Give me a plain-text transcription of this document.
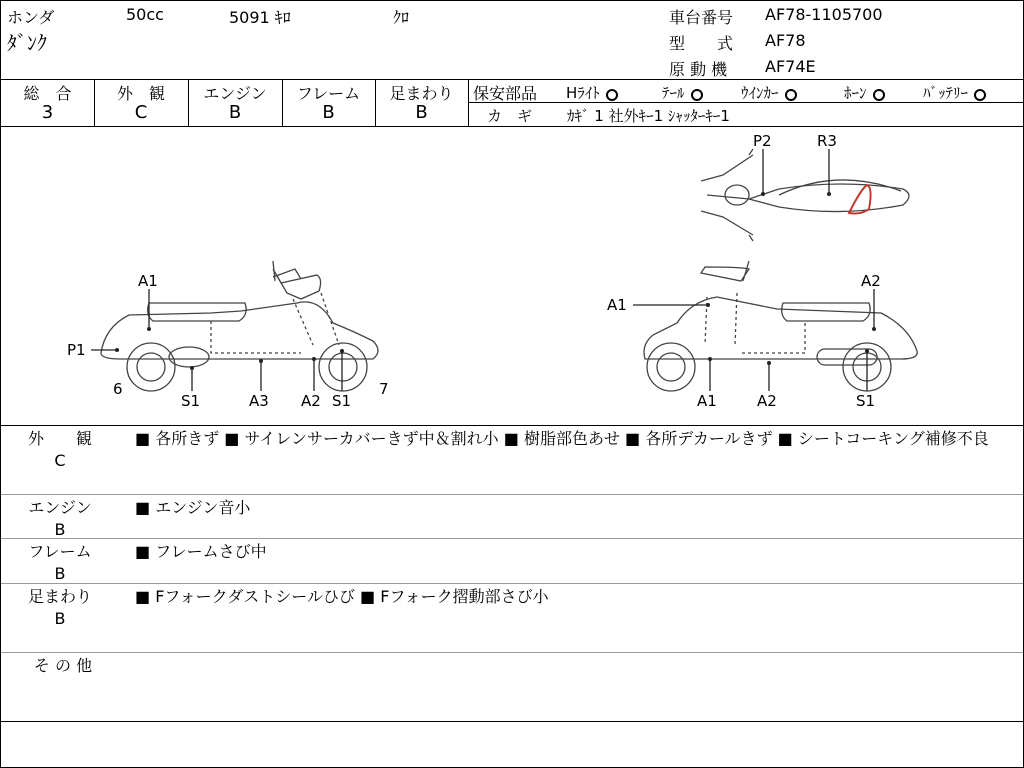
ホンダ	50cc	5091 ｷﾛ	ｸﾛ
ﾀﾞﾝｸ
車台番号 AF78-1105700
型　　式 AF78
原 動 機 AF74E
総　合
3
外　観
C
エンジン
B
フレーム
B
足まわり
B
保安部品 Hﾗｲﾄ	ﾃｰﾙ	ｳｲﾝｶｰ	ﾎｰﾝ	ﾊﾞｯﾃﾘｰ
カ　ギ ｶｷﾞ 1 社外ｷｰ1 ｼｬｯﾀｰｷｰ1
A1
P1
6
S1	A3 A2 S1
7
A1
A2
A1	A2	S1
P2	R3
外　　観
C
■ 各所きず ■ サイレンサーカバーきず中＆割れ小 ■ 樹脂部色あせ ■ 各所デカールきず ■ シートコーキング補修不良
エンジン
B
■ エンジン音小
フレーム
B
■ フレームさび中
足まわり
B
■ Fフォークダストシールひび ■ Fフォーク摺動部さび小
そ の 他
